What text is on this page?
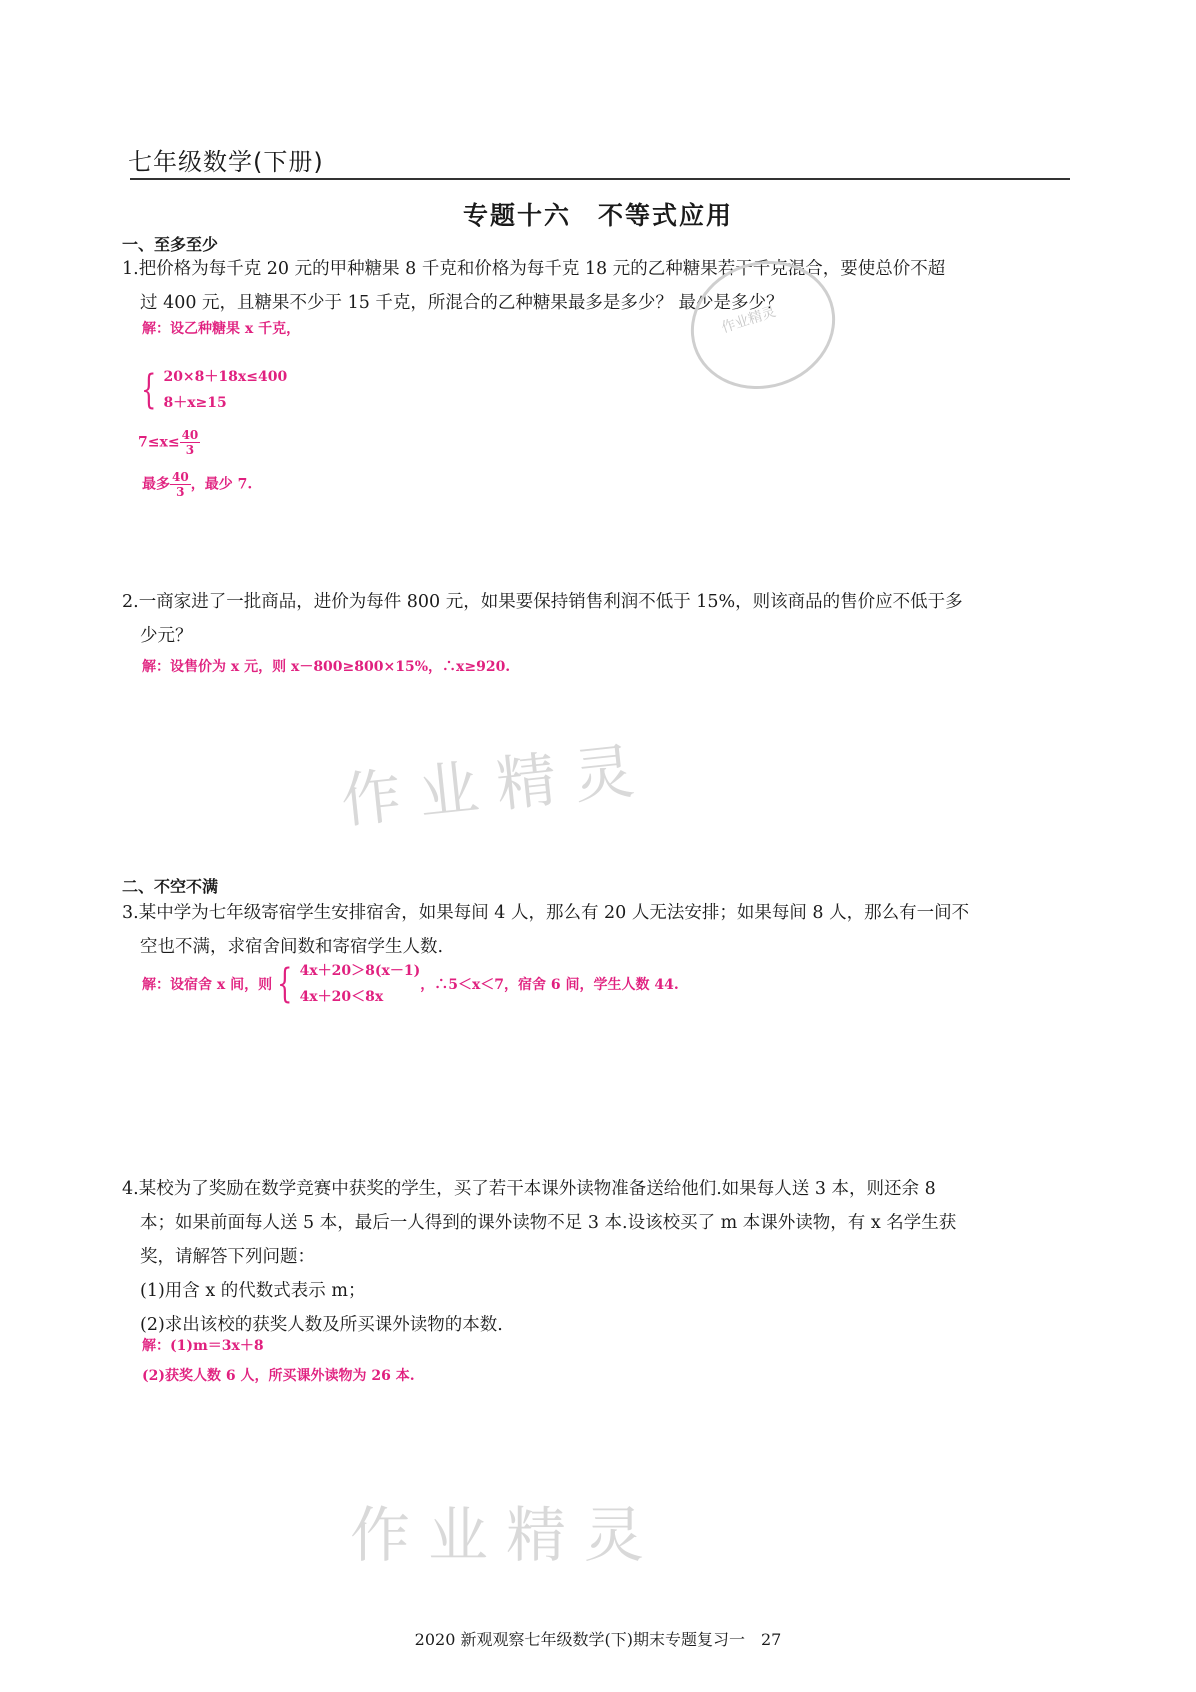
七年级数学(下册)
专题十六　不等式应用
一、至多至少
1.把价格为每千克 20 元的甲种糖果 8 千克和价格为每千克 18 元的乙种糖果若干千克混合，要使总价不超
过 400 元，且糖果不少于 15 千克，所混合的乙种糖果最多是多少？ 最少是多少？
作业精灵
解：设乙种糖果 x 千克，
{ 20×8＋18x≤400
8＋x≥15
$7\le x\le \frac{40}{3}$
最多 $\frac{40}{3}$ ，最少 7.
2.一商家进了一批商品，进价为每件 800 元，如果要保持销售利润不低于 15%，则该商品的售价应不低于多
少元？
解：设售价为 x 元，则 x－800≥800×15%，∴x≥920.
作业精灵
二、不空不满
3.某中学为七年级寄宿学生安排宿舍，如果每间 4 人，那么有 20 人无法安排；如果每间 8 人，那么有一间不
空也不满，求宿舍间数和寄宿学生人数.
解：设宿舍 x 间，则 { 4x＋20＞8(x－1)
4x＋20＜8x
，∴5＜x＜7，宿舍 6 间，学生人数 44.
4.某校为了奖励在数学竞赛中获奖的学生，买了若干本课外读物准备送给他们.如果每人送 3 本，则还余 8
本；如果前面每人送 5 本，最后一人得到的课外读物不足 3 本.设该校买了 m 本课外读物，有 x 名学生获
奖，请解答下列问题：
(1)用含 x 的代数式表示 m；
(2)求出该校的获奖人数及所买课外读物的本数.
解：(1)m＝3x＋8
(2)获奖人数 6 人，所买课外读物为 26 本.
作业精灵
2020 新观观察七年级数学(下)期末专题复习一　27
